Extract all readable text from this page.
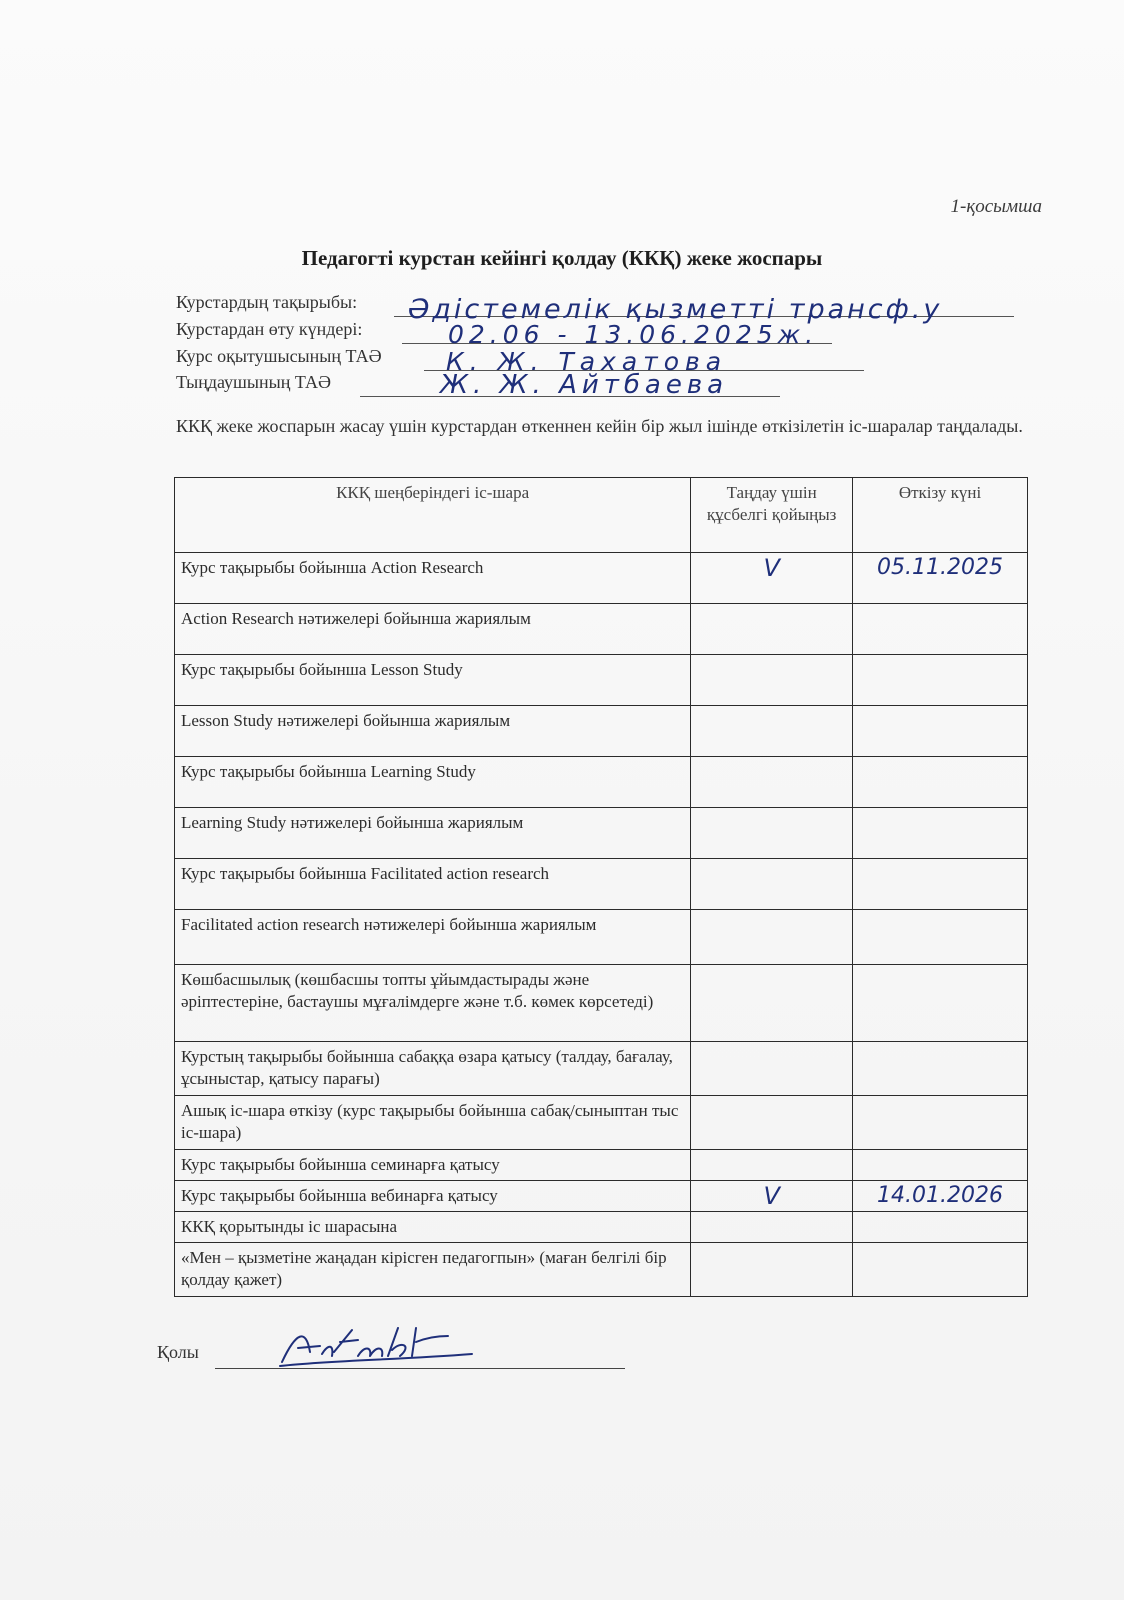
1-қосымша
Педагогті курстан кейінгі қолдау (ККҚ) жеке жоспары
Курстардың тақырыбы: Әдістемелік қызметті трансф.у
Курстардан өту күндері:	02.06 - 13.06.2025ж.
Курс оқытушысының ТАӘ	К. Ж. Тахатова
Тыңдаушының ТАӘ	Ж. Ж. Айтбаева
ККҚ жеке жоспарын жасау үшін курстардан өткеннен кейін бір жыл ішінде өткізілетін іс-шаралар таңдалады.
ККҚ шеңберіндегі іс-шара	Таңдау үшін құсбелгі қойыңыз	Өткізу күні
Курс тақырыбы бойынша Action Research	V	05.11.2025
Action Research нәтижелері бойынша жариялым		
Курс тақырыбы бойынша Lesson Study		
Lesson Study нәтижелері бойынша жариялым		
Курс тақырыбы бойынша Learning Study		
Learning Study нәтижелері бойынша жариялым		
Курс тақырыбы бойынша Facilitated action research		
Facilitated action research нәтижелері бойынша жариялым		
Көшбасшылық (көшбасшы топты ұйымдастырады және әріптестеріне, бастаушы мұғалімдерге және т.б. көмек көрсетеді)		
Курстың тақырыбы бойынша сабаққа өзара қатысу (талдау, бағалау, ұсыныстар, қатысу парағы)		
Ашық іс-шара өткізу (курс тақырыбы бойынша сабақ/сыныптан тыс іс-шара)		
Курс тақырыбы бойынша семинарға қатысу		
Курс тақырыбы бойынша вебинарға қатысу	V	14.01.2026
ККҚ қорытынды іс шарасына		
«Мен – қызметіне жаңадан кірісген педагогпын» (маған белгілі бір қолдау қажет)		
Қолы
